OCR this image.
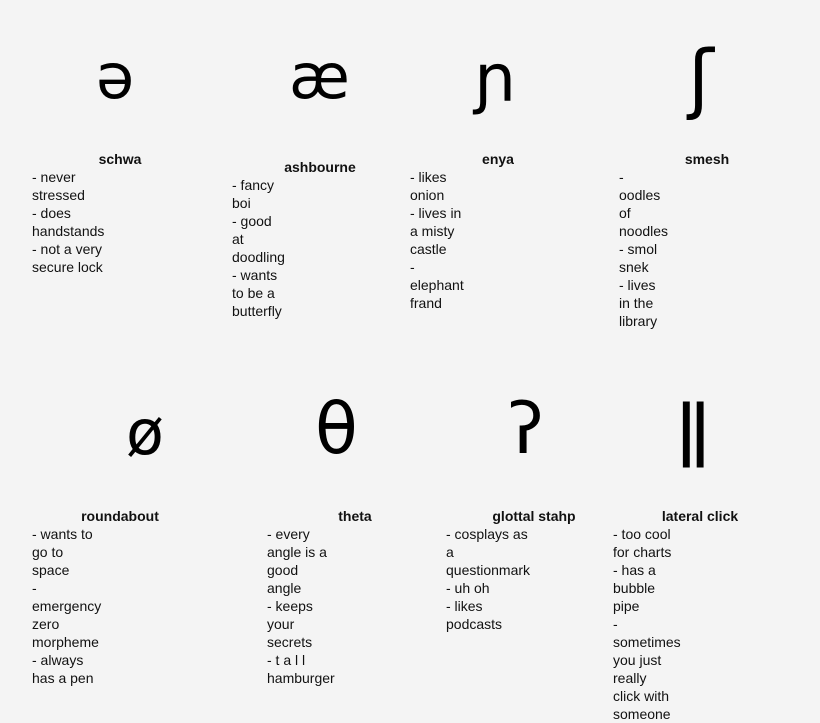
ə
schwa
- never stressed
- does handstands
- not a very secure lock
æ
ashbourne
- fancy boi
- good at doodling
- wants to be a butterfly
ɲ
enya
- likes onion
- lives in a misty castle
- elephant frand
ʃ
smesh
- oodles of noodles
- smol snek
- lives in the library
ø
roundabout
- wants to go to space
- emergency zero
morpheme
- always has a pen
θ
theta
- every angle is a good
angle
- keeps your secrets
- t a l l hamburger
ʔ
glottal stahp
- cosplays as a
questionmark
- uh oh
- likes podcasts
ǁ
lateral click
- too cool for charts
- has a bubble pipe
- sometimes you just really
click with someone
